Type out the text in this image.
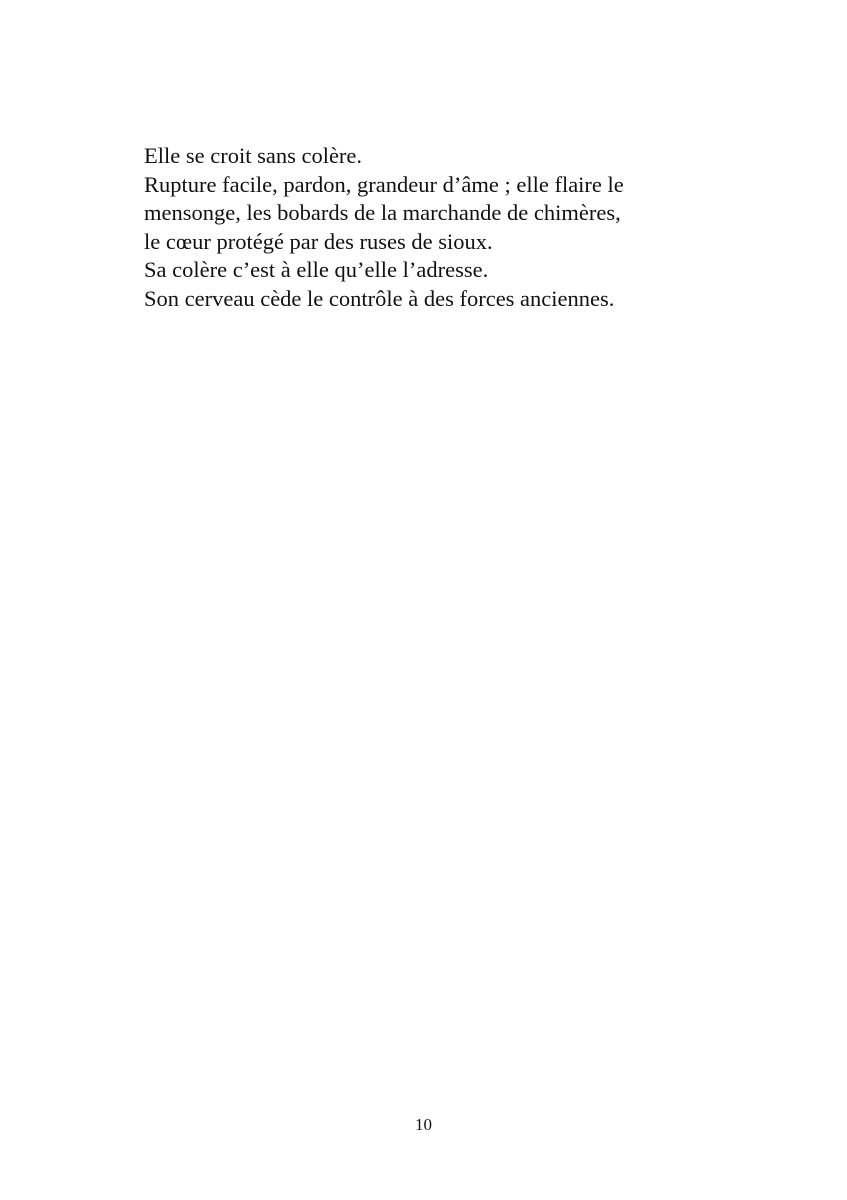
Elle se croit sans colère.
Rupture facile, pardon, grandeur d’âme ; elle flaire le
mensonge, les bobards de la marchande de chimères,
le cœur protégé par des ruses de sioux.
Sa colère c’est à elle qu’elle l’adresse.
Son cerveau cède le contrôle à des forces anciennes.
10
